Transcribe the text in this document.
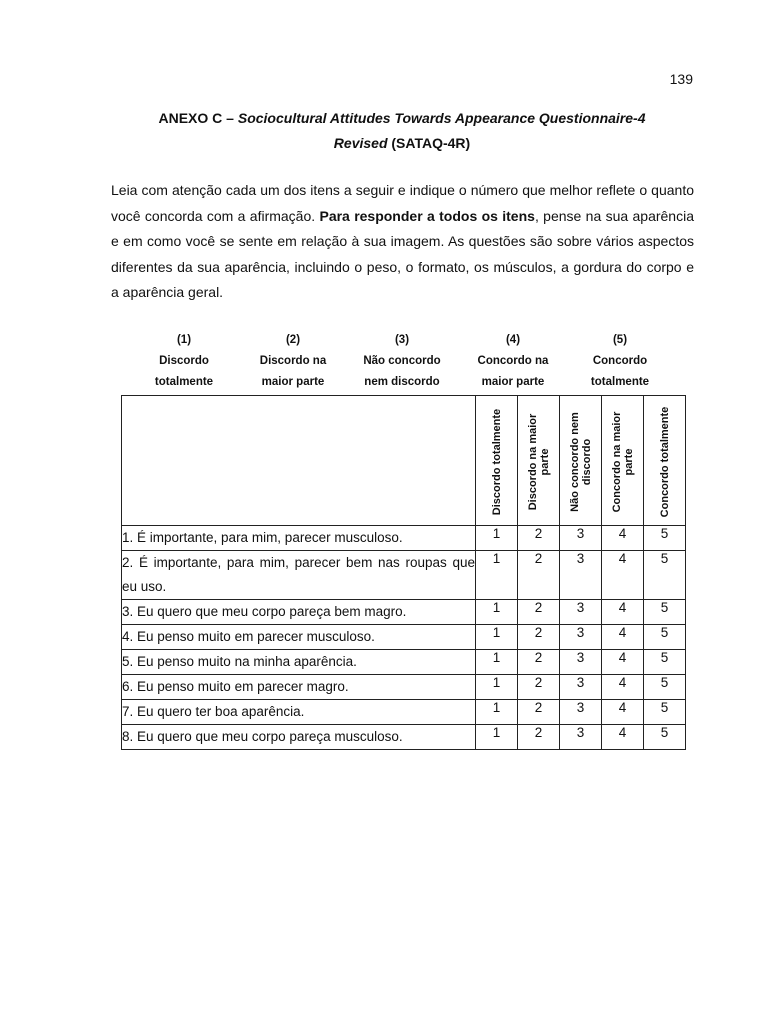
139
ANEXO C – Sociocultural Attitudes Towards Appearance Questionnaire-4
Revised (SATAQ-4R)
Leia com atenção cada um dos itens a seguir e indique o número que melhor reflete o quanto você concorda com a afirmação. Para responder a todos os itens, pense na sua aparência e em como você se sente em relação à sua imagem. As questões são sobre vários aspectos diferentes da sua aparência, incluindo o peso, o formato, os músculos, a gordura do corpo e a aparência geral.
(1)
Discordo
totalmente
(2)
Discordo na
maior parte
(3)
Não concordo
nem discordo
(4)
Concordo na
maior parte
(5)
Concordo
totalmente

	Discordo totalmente	Discordo na maior parte	Não concordo nem discordo	Concordo na maior parte	Concordo totalmente

1. É importante, para mim, parecer musculoso.	1	2	3	4	5
2. É importante, para mim, parecer bem nas roupas que eu uso.	1	2	3	4	5
3. Eu quero que meu corpo pareça bem magro.	1	2	3	4	5
4. Eu penso muito em parecer musculoso.	1	2	3	4	5
5. Eu penso muito na minha aparência.	1	2	3	4	5
6. Eu penso muito em parecer magro.	1	2	3	4	5
7. Eu quero ter boa aparência.	1	2	3	4	5
8. Eu quero que meu corpo pareça musculoso.	1	2	3	4	5
